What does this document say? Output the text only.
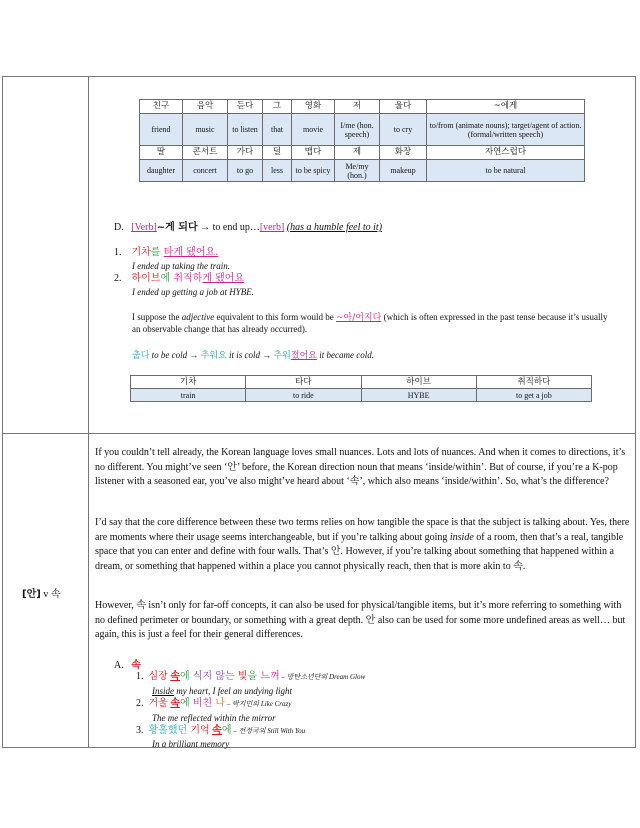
친구	음악	듣다	그	영화	저	울다	~에게
friend	music	to listen	that	movie	I/me (hon. speech)	to cry	to/from (animate nouns); target/agent of action. (formal/written speech)
딸	콘서트	가다	덜	맵다	제	화장	자연스럽다
daughter	concert	to go	less	to be spicy	Me/my (hon.)	makeup	to be natural
D. [Verb]~게 되다 → to end up…[verb] (has a humble feel to it)
1. 기차를 타게 됐어요.
I ended up taking the train.
2. 하이브에 취직하게 됐어요
I ended up getting a job at HYBE.
I suppose the adjective equivalent to this form would be ~아/어지다 (which is often expressed in the past tense because it’s usually an observable change that has already occurred).
춥다 to be cold → 추워요 it is cold → 추워졌어요 it became cold.
기차	타다	하이브	취직하다
train	to ride	HYBE	to get a job
[안] v 속
If you couldn’t tell already, the Korean language loves small nuances. Lots and lots of nuances. And when it comes to directions, it’s no different. You might’ve seen ‘안’ before, the Korean direction noun that means ‘inside/within’. But of course, if you’re a K-pop listener with a seasoned ear, you’ve also might’ve heard about ‘속’, which also means ‘inside/within’. So, what’s the difference?
I’d say that the core difference between these two terms relies on how tangible the space is that the subject is talking about. Yes, there are moments where their usage seems interchangeable, but if you’re talking about going inside of a room, then that’s a real, tangible space that you can enter and define with four walls. That’s 안. However, if you’re talking about something that happened within a dream, or something that happened within a place you cannot physically reach, then that is more akin to 속.
However, 속 isn’t only for far-off concepts, it can also be used for physical/tangible items, but it’s more referring to something with no defined perimeter or boundary, or something with a great depth. 안 also can be used for some more undefined areas as well… but again, this is just a feel for their general differences.
A. 속
1. 심장 속에 식지 않는 빛을 느껴 – 방탄소년단의 Dream Glow
Inside my heart, I feel an undying light
2. 거울 속에 비친 나 – 박지민의 Like Crazy
The me reflected within the mirror
3. 황홀했던 기억 속에 – 전정국의 Still With You
In a brilliant memory
